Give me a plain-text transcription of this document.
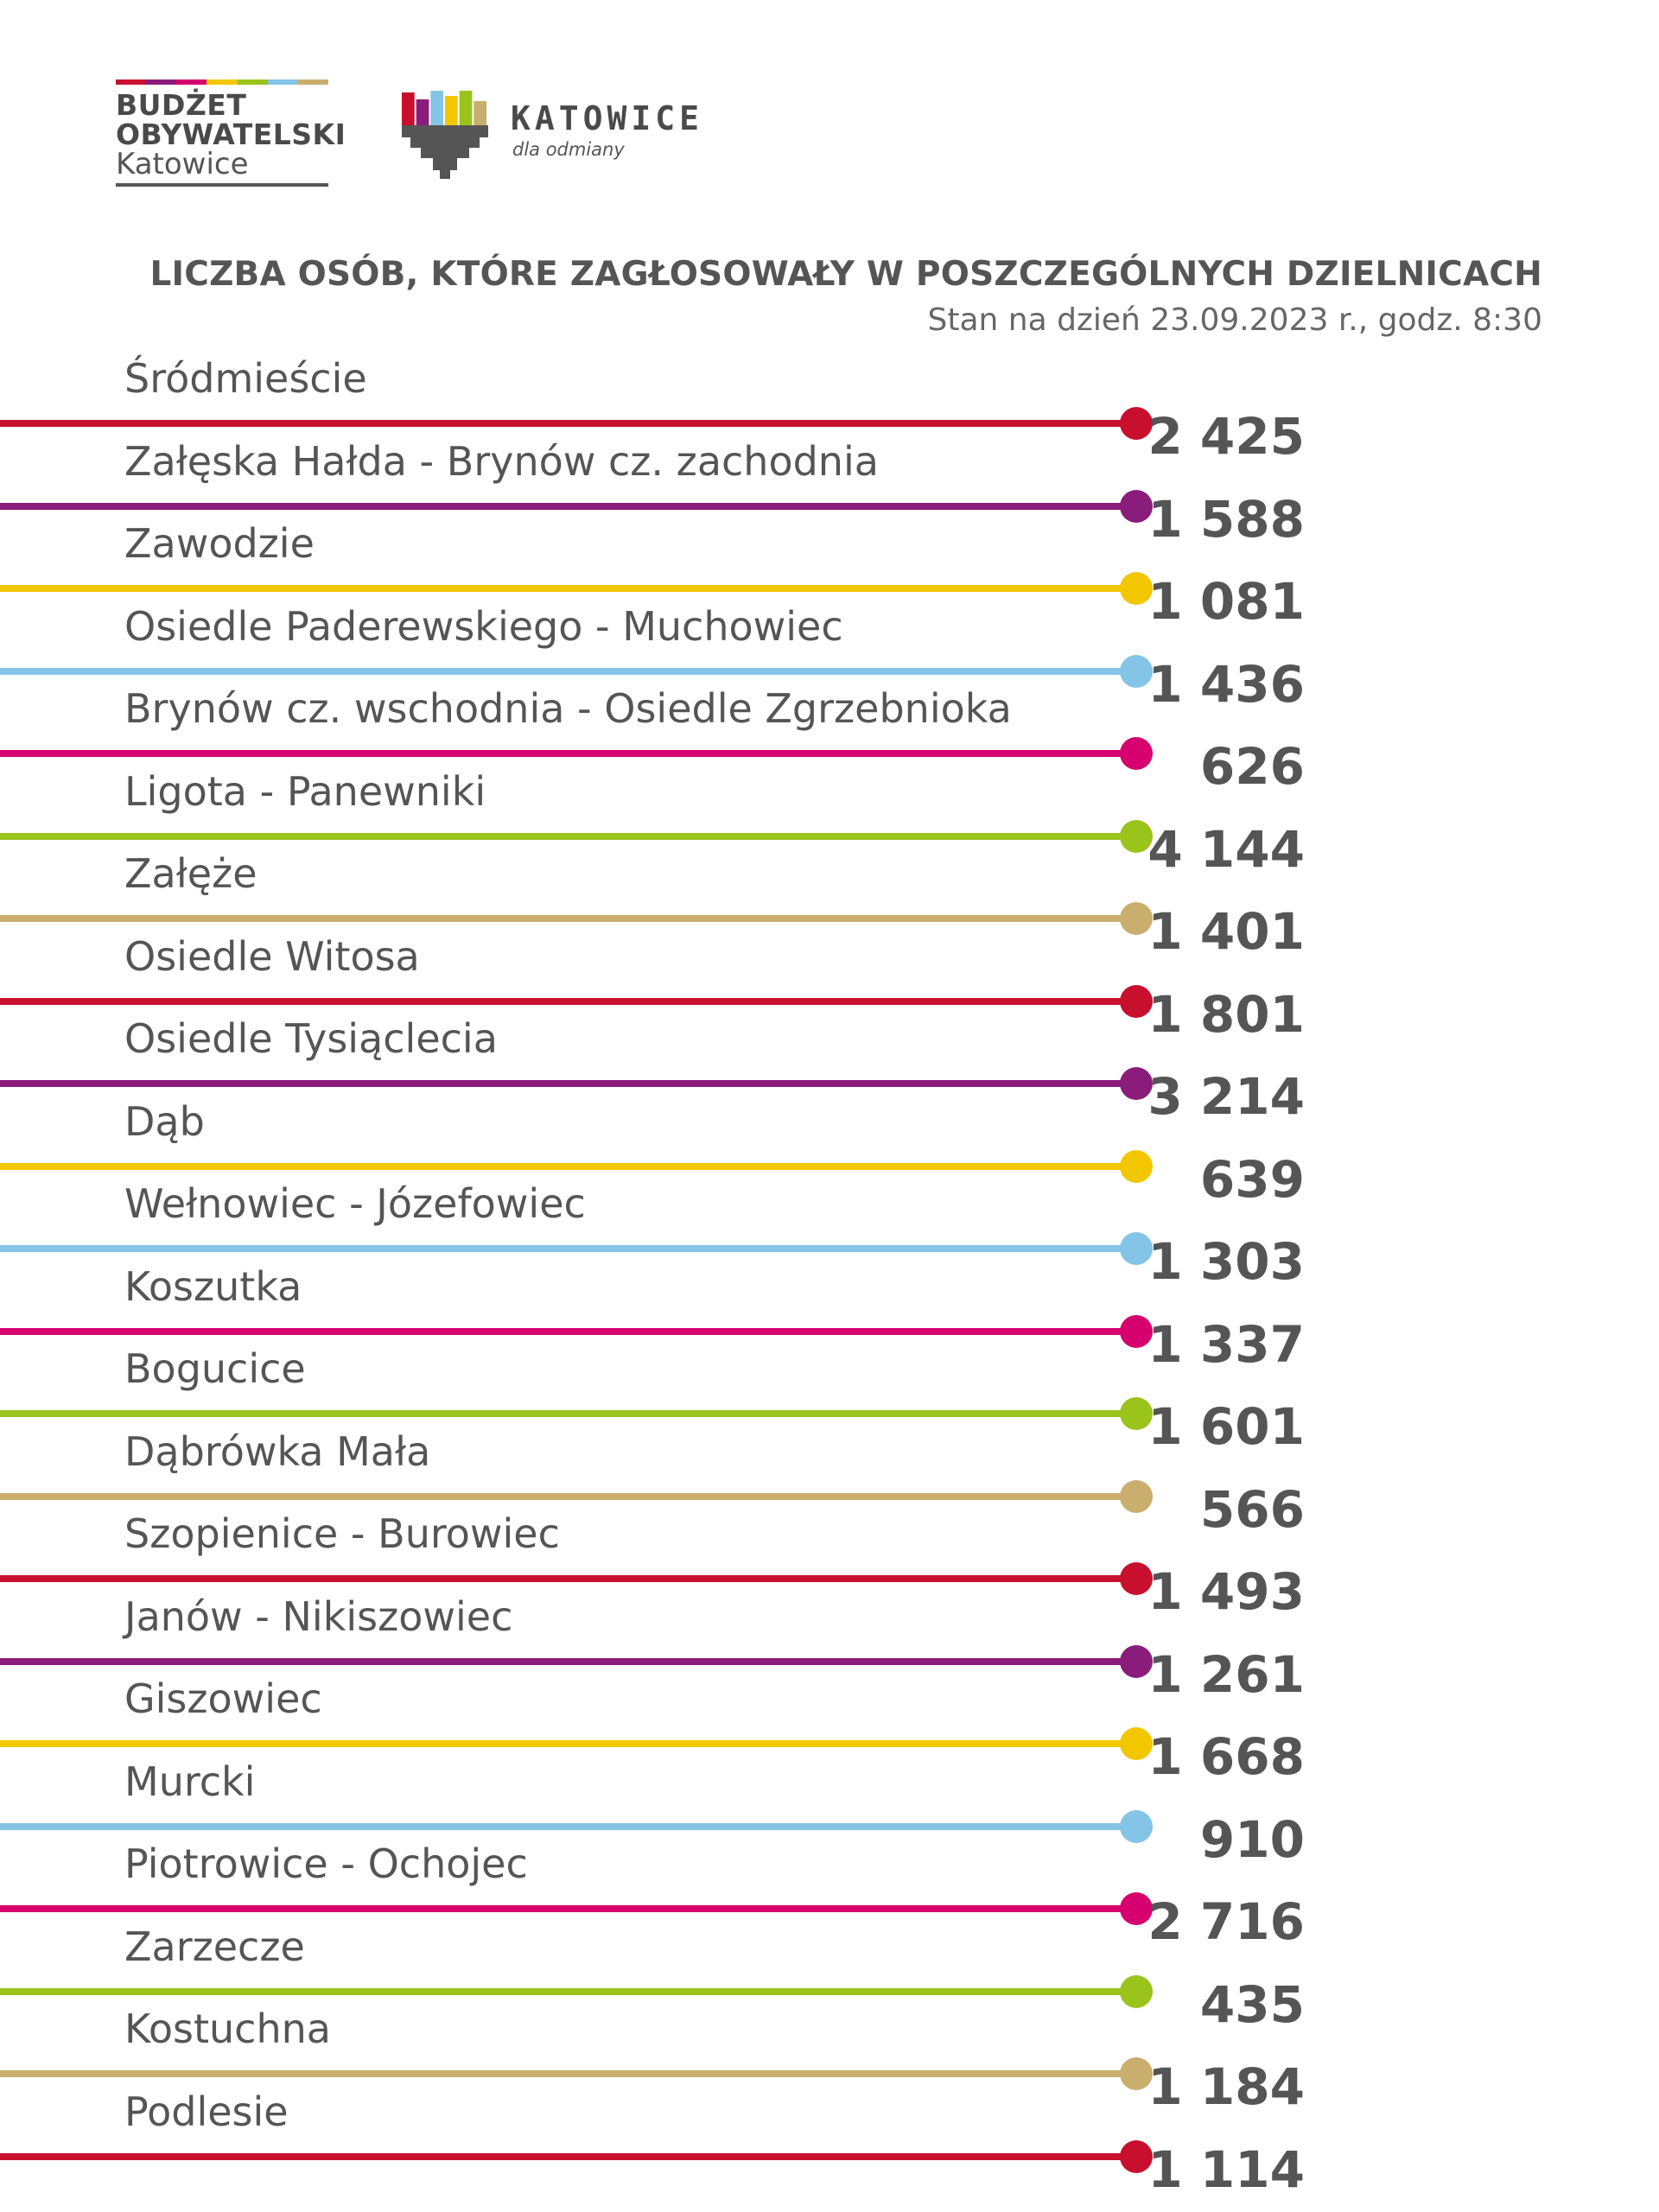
BUDŻET
OBYWATELSKI
Katowice
KATOWICE
dla odmiany
LICZBA OSÓB, KTÓRE ZAGŁOSOWAŁY W POSZCZEGÓLNYCH DZIELNICACH
Stan na dzień 23.09.2023 r., godz. 8:30
Śródmieście
2 425
Załęska Hałda - Brynów cz. zachodnia
1 588
Zawodzie
1 081
Osiedle Paderewskiego - Muchowiec
1 436
Brynów cz. wschodnia - Osiedle Zgrzebnioka
626
Ligota - Panewniki
4 144
Załęże
1 401
Osiedle Witosa
1 801
Osiedle Tysiąclecia
3 214
Dąb
639
Wełnowiec - Józefowiec
1 303
Koszutka
1 337
Bogucice
1 601
Dąbrówka Mała
566
Szopienice - Burowiec
1 493
Janów - Nikiszowiec
1 261
Giszowiec
1 668
Murcki
910
Piotrowice - Ochojec
2 716
Zarzecze
435
Kostuchna
1 184
Podlesie
1 114
